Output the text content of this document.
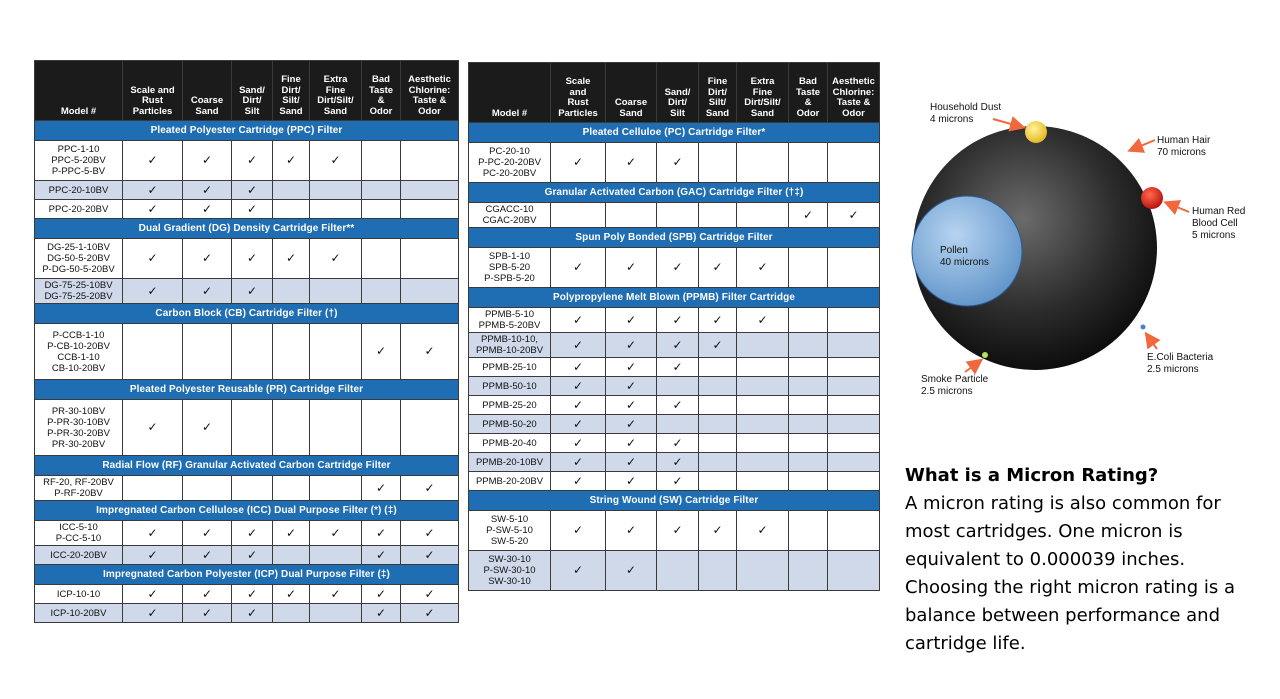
Model #	Scale and
Rust
Particles	Coarse
Sand	Sand/
Dirt/
Silt	Fine
Dirt/
Silt/
Sand	Extra
Fine
Dirt/Silt/
Sand	Bad
Taste
&
Odor	Aesthetic
Chlorine:
Taste &
Odor

Pleated Polyester Cartridge (PPC) Filter							
PPC-1-10
PPC-5-20BV
P-PPC-5-BV	✓	✓	✓	✓	✓		
PPC-20-10BV	✓	✓	✓				
PPC-20-20BV	✓	✓	✓				
Dual Gradient (DG) Density Cartridge Filter**							
DG-25-1-10BV
DG-50-5-20BV
P-DG-50-5-20BV	✓	✓	✓	✓	✓		
DG-75-25-10BV
DG-75-25-20BV	✓	✓	✓				
Carbon Block (CB) Cartridge Filter (†)							
P-CCB-1-10
P-CB-10-20BV
CCB-1-10
CB-10-20BV						✓	✓
Pleated Polyester Reusable (PR) Cartridge Filter							
PR-30-10BV
P-PR-30-10BV
P-PR-30-20BV
PR-30-20BV	✓	✓					
Radial Flow (RF) Granular Activated Carbon Cartridge Filter							
RF-20, RF-20BV
P-RF-20BV						✓	✓
Impregnated Carbon Cellulose (ICC) Dual Purpose Filter (*) (‡)							
ICC-5-10
P-CC-5-10	✓	✓	✓	✓	✓	✓	✓
ICC-20-20BV	✓	✓	✓			✓	✓
Impregnated Carbon Polyester (ICP) Dual Purpose Filter (‡)							
ICP-10-10	✓	✓	✓	✓	✓	✓	✓
ICP-10-20BV	✓	✓	✓			✓	✓
Model #	Scale
and
Rust
Particles	Coarse
Sand	Sand/
Dirt/
Silt	Fine
Dirt/
Silt/
Sand	Extra
Fine
Dirt/Silt/
Sand	Bad
Taste
&
Odor	Aesthetic
Chlorine:
Taste &
Odor

Pleated Celluloe (PC) Cartridge Filter*							
PC-20-10
P-PC-20-20BV
PC-20-20BV	✓	✓	✓				
Granular Activated Carbon (GAC) Cartridge Filter (†‡)							
CGACC-10
CGAC-20BV						✓	✓
Spun Poly Bonded (SPB) Cartridge Filter							
SPB-1-10
SPB-5-20
P-SPB-5-20	✓	✓	✓	✓	✓		
Polypropylene Melt Blown (PPMB) Filter Cartridge							
PPMB-5-10
PPMB-5-20BV	✓	✓	✓	✓	✓		
PPMB-10-10,
PPMB-10-20BV	✓	✓	✓	✓			
PPMB-25-10	✓	✓	✓				
PPMB-50-10	✓	✓					
PPMB-25-20	✓	✓	✓				
PPMB-50-20	✓	✓					
PPMB-20-40	✓	✓	✓				
PPMB-20-10BV	✓	✓	✓				
PPMB-20-20BV	✓	✓	✓				
String Wound (SW) Cartridge Filter							
SW-5-10
P-SW-5-10
SW-5-20	✓	✓	✓	✓	✓		
SW-30-10
P-SW-30-10
SW-30-10	✓	✓					
Household Dust 4 microns
Human Hair 70 microns
Human Red Blood Cell 5 microns
Pollen 40 microns
E.Coli Bacteria 2.5 microns
Smoke Particle 2.5 microns
What is a Micron Rating?
A micron rating is also common for most cartridges. One micron is equivalent to 0.000039 inches. Choosing the right micron rating is a balance between performance and cartridge life.
